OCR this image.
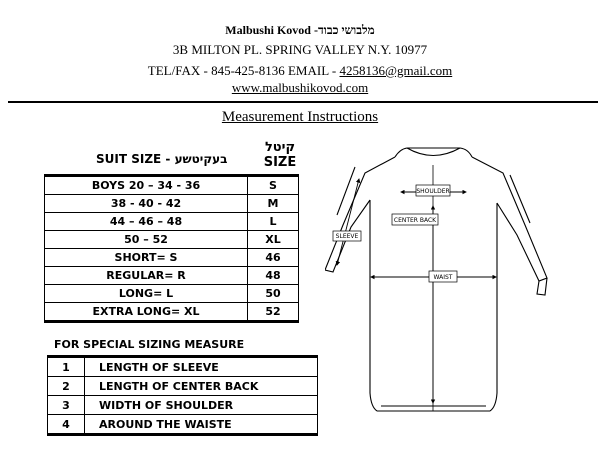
Malbushi Kovod -מלבושי כבוד
3B MILTON PL. SPRING VALLEY N.Y. 10977
TEL/FAX - 845-425-8136 EMAIL - 4258136@gmail.com
www.malbushikovod.com
Measurement Instructions
SUIT SIZE - בעקיטשע
קיטל
SIZE
BOYS 20 – 34 - 36	S
38 - 40 - 42	M
44 – 46 – 48	L
50 – 52	XL
SHORT= S	46
REGULAR= R	48
LONG= L	50
EXTRA LONG= XL	52
FOR SPECIAL SIZING MEASURE
1	LENGTH OF SLEEVE
2	LENGTH OF CENTER BACK
3	WIDTH OF SHOULDER
4	AROUND THE WAISTE
SHOULDER
CENTER BACK
SLEEVE
WAIST
